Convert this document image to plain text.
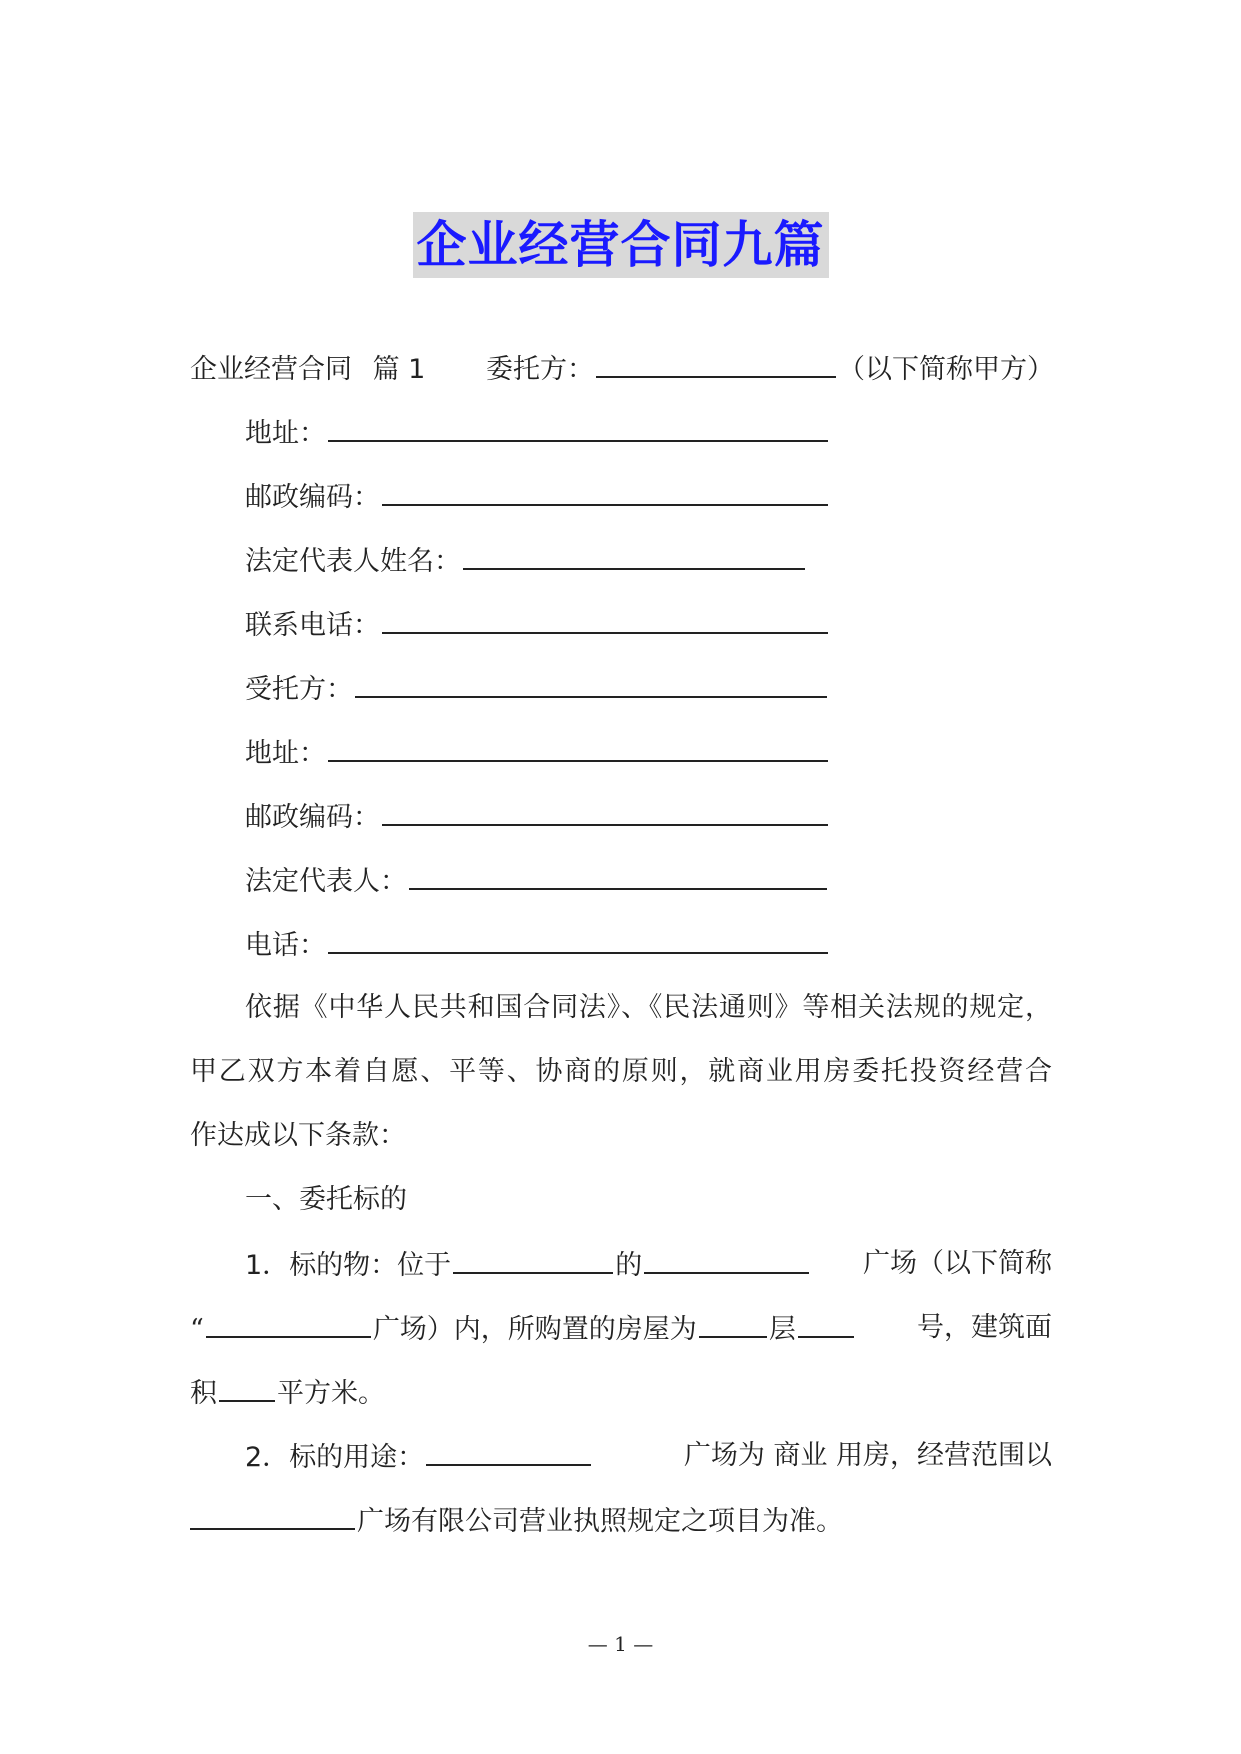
企业经营合同九篇
企业经营合同 篇 1 委托方：	（以下简称甲方）
地址：
邮政编码：
法定代表人姓名：
联系电话：
受托方：
地址：
邮政编码：
法定代表人：
电话：
依据《中华人民共和国合同法》、《民法通则》等相关法规的规定，
甲乙双方本着自愿、平等、协商的原则，就商业用房委托投资经营合
作达成以下条款：
一、委托标的
1．标的物：位于	的	广场（以下简称
“	广场）内，所购置的房屋为	层	号，建筑面
积 平方米。
2．标的用途：	广场为 商业 用房，经营范围以
广场有限公司营业执照规定之项目为准。
— 1 —
